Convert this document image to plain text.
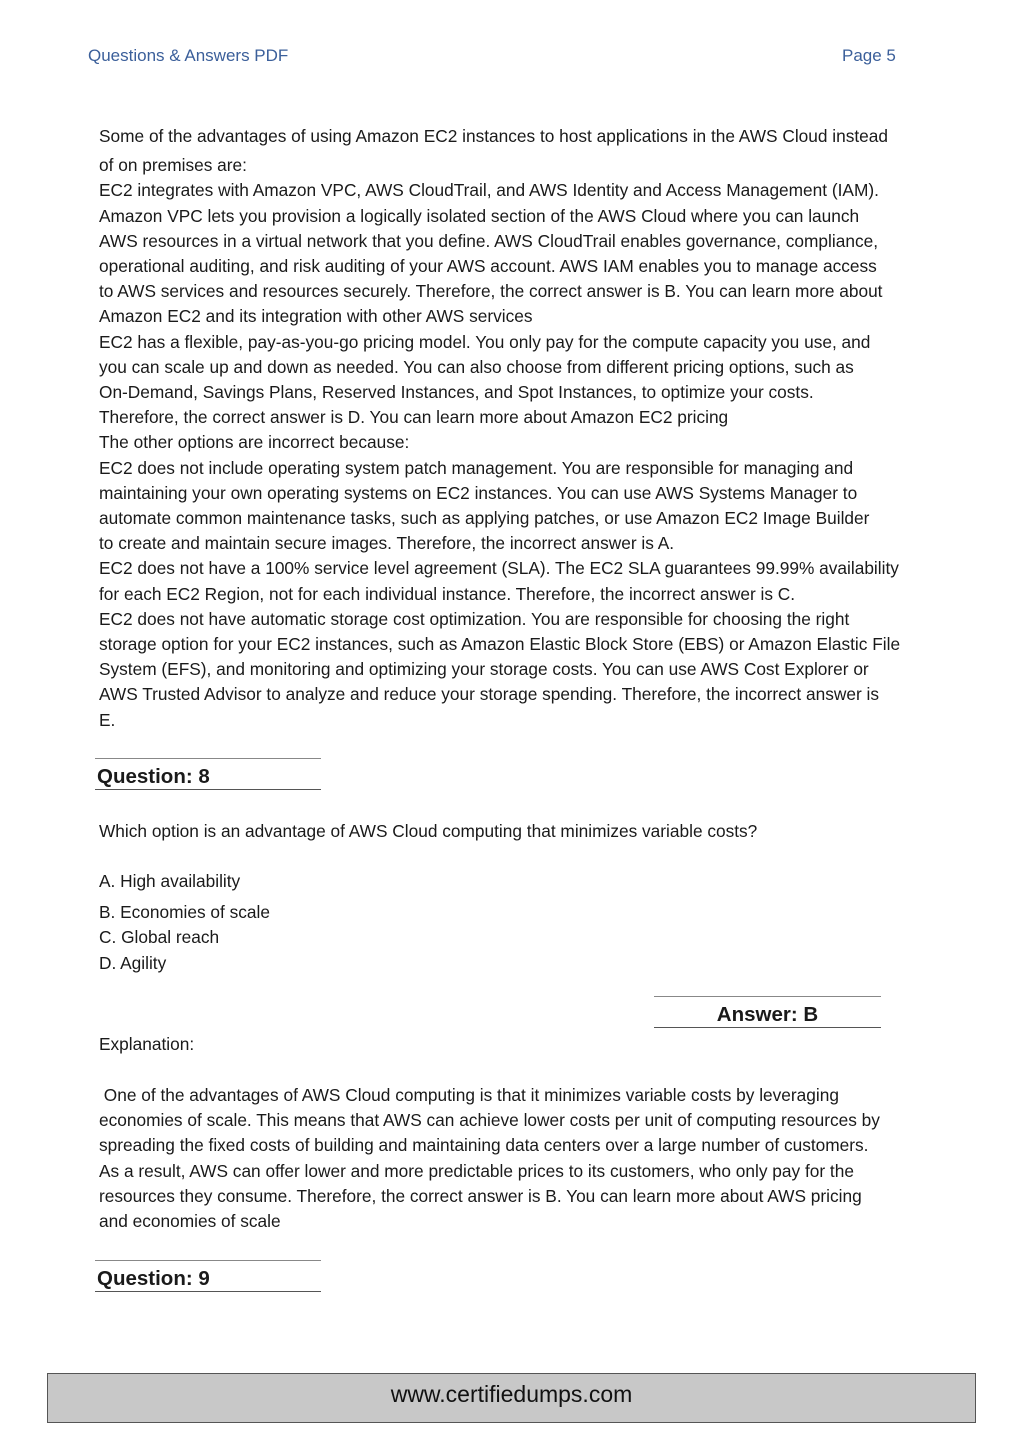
Questions & Answers PDF	Page 5
Some of the advantages of using Amazon EC2 instances to host applications in the AWS Cloud instead
of on premises are:
EC2 integrates with Amazon VPC, AWS CloudTrail, and AWS Identity and Access Management (IAM).
Amazon VPC lets you provision a logically isolated section of the AWS Cloud where you can launch
AWS resources in a virtual network that you define. AWS CloudTrail enables governance, compliance,
operational auditing, and risk auditing of your AWS account. AWS IAM enables you to manage access
to AWS services and resources securely. Therefore, the correct answer is B. You can learn more about
Amazon EC2 and its integration with other AWS services
EC2 has a flexible, pay-as-you-go pricing model. You only pay for the compute capacity you use, and
you can scale up and down as needed. You can also choose from different pricing options, such as
On-Demand, Savings Plans, Reserved Instances, and Spot Instances, to optimize your costs.
Therefore, the correct answer is D. You can learn more about Amazon EC2 pricing
The other options are incorrect because:
EC2 does not include operating system patch management. You are responsible for managing and
maintaining your own operating systems on EC2 instances. You can use AWS Systems Manager to
automate common maintenance tasks, such as applying patches, or use Amazon EC2 Image Builder
to create and maintain secure images. Therefore, the incorrect answer is A.
EC2 does not have a 100% service level agreement (SLA). The EC2 SLA guarantees 99.99% availability
for each EC2 Region, not for each individual instance. Therefore, the incorrect answer is C.
EC2 does not have automatic storage cost optimization. You are responsible for choosing the right
storage option for your EC2 instances, such as Amazon Elastic Block Store (EBS) or Amazon Elastic File
System (EFS), and monitoring and optimizing your storage costs. You can use AWS Cost Explorer or
AWS Trusted Advisor to analyze and reduce your storage spending. Therefore, the incorrect answer is
E.
Question: 8
Which option is an advantage of AWS Cloud computing that minimizes variable costs?
A. High availability
B. Economies of scale
C. Global reach
D. Agility
Answer: B
Explanation:
One of the advantages of AWS Cloud computing is that it minimizes variable costs by leveraging
economies of scale. This means that AWS can achieve lower costs per unit of computing resources by
spreading the fixed costs of building and maintaining data centers over a large number of customers.
As a result, AWS can offer lower and more predictable prices to its customers, who only pay for the
resources they consume. Therefore, the correct answer is B. You can learn more about AWS pricing
and economies of scale
Question: 9
www.certifiedumps.com
